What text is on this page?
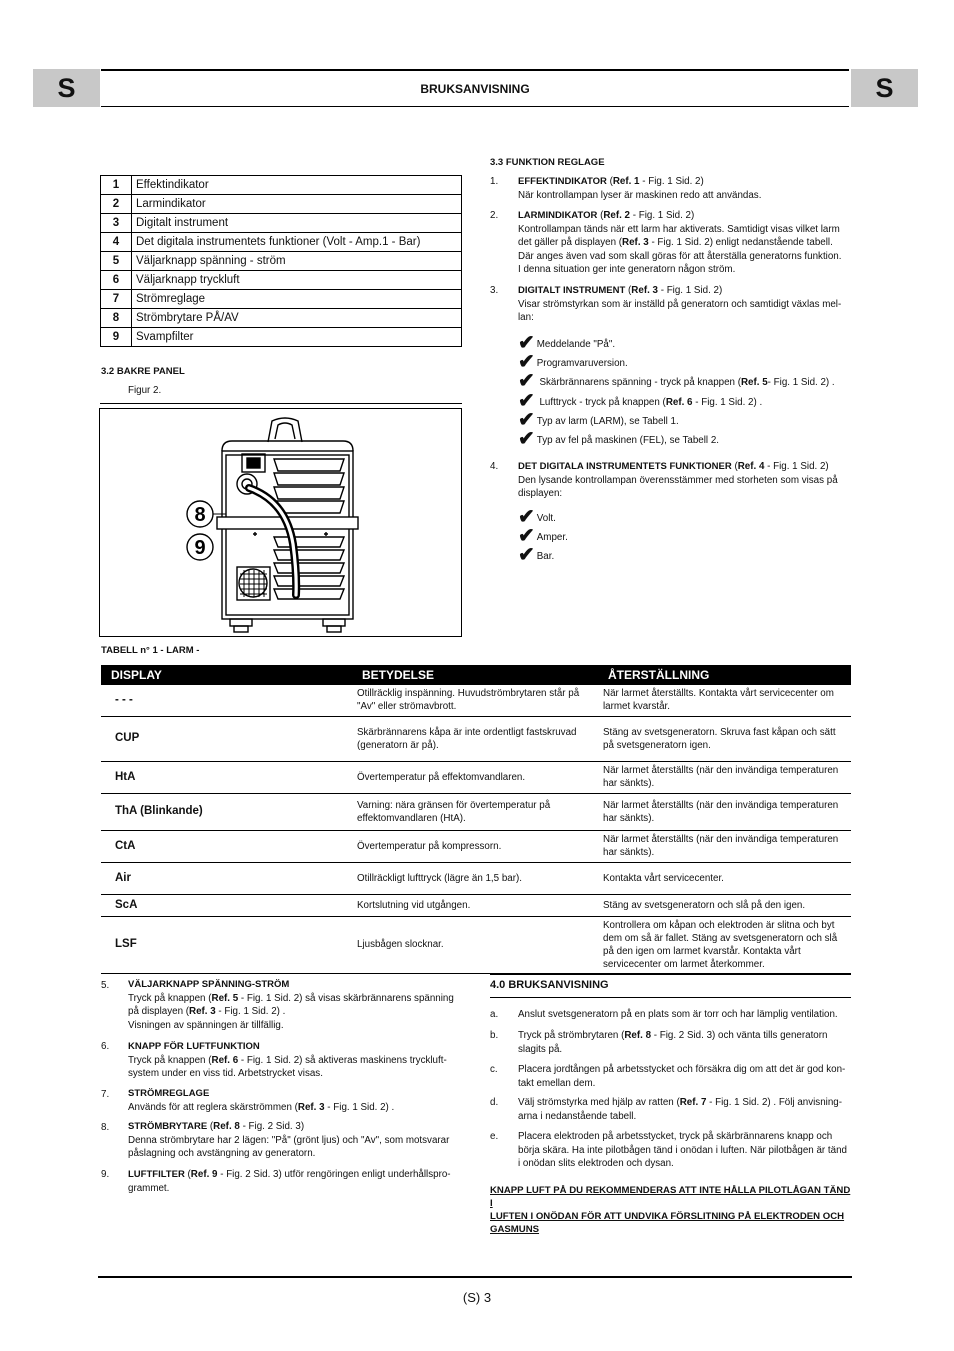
S	S
BRUKSANVISNING
1	Effektindikator
2	Larmindikator
3	Digitalt instrument
4	Det digitala instrumentets funktioner (Volt - Amp.1 - Bar)
5	Väljarknapp spänning - ström
6	Väljarknapp tryckluft
7	Strömreglage
8	Strömbrytare PÅ/AV
9	Svampfilter
3.2 BAKRE PANEL
Figur 2.
8
9
TABELL n° 1 - LARM -
3.3 FUNKTION REGLAGE
1. EFFEKTINDIKATOR (Ref. 1 - Fig. 1 Sid. 2)
När kontrollampan lyser är maskinen redo att användas.
2. LARMINDIKATOR (Ref. 2 - Fig. 1 Sid. 2)
Kontrollampan tänds när ett larm har aktiverats. Samtidigt visas vilket larm
det gäller på displayen (Ref. 3 - Fig. 1 Sid. 2) enligt nedanstående tabell.
Där anges även vad som skall göras för att återställa generatorns funktion.
I denna situation ger inte generatorn någon ström.
3. DIGITALT INSTRUMENT (Ref. 3 - Fig. 1 Sid. 2)
Visar strömstyrkan som är inställd på generatorn och samtidigt växlas mel-
lan:
✔ Meddelande "På".
✔ Programvaruversion.
✔ Skärbrännarens spänning - tryck på knappen (Ref. 5- Fig. 1 Sid. 2) .
✔ Lufttryck - tryck på knappen (Ref. 6 - Fig. 1 Sid. 2) .
✔ Typ av larm (LARM), se Tabell 1.
✔ Typ av fel på maskinen (FEL), se Tabell 2.
4. DET DIGITALA INSTRUMENTETS FUNKTIONER (Ref. 4 - Fig. 1 Sid. 2)
Den lysande kontrollampan överensstämmer med storheten som visas på
displayen:
✔ Volt.
✔ Amper.
✔ Bar.
DISPLAY	BETYDELSE	ÅTERSTÄLLNING
- - -	Otillräcklig inspänning. Huvudströmbrytaren står på "Av" eller strömavbrott.	När larmet återställts. Kontakta vårt servicecenter om larmet kvarstår.
CUP	Skärbrännarens kåpa är inte ordentligt fastskruvad (generatorn är på).	Stäng av svetsgeneratorn. Skruva fast kåpan och sätt på svetsgeneratorn igen.
HtA	Övertemperatur på effektomvandlaren.	När larmet återställts (när den invändiga temperaturen har sänkts).
ThA (Blinkande)	Varning: nära gränsen för övertemperatur på effektomvandlaren (HtA).	När larmet återställts (när den invändiga temperaturen har sänkts).
CtA	Övertemperatur på kompressorn.	När larmet återställts (när den invändiga temperaturen har sänkts).
Air	Otillräckligt lufttryck (lägre än 1,5 bar).	Kontakta vårt servicecenter.
ScA	Kortslutning vid utgången.	Stäng av svetsgeneratorn och slå på den igen.
LSF	Ljusbågen slocknar.	Kontrollera om kåpan och elektroden är slitna och byt dem om så är fallet. Stäng av svetsgeneratorn och slå på den igen om larmet kvarstår. Kontakta vårt servicecenter om larmet återkommer.
5. VÄLJARKNAPP SPÄNNING-STRÖM
Tryck på knappen (Ref. 5 - Fig. 1 Sid. 2) så visas skärbrännarens spänning
på displayen (Ref. 3 - Fig. 1 Sid. 2) .
Visningen av spänningen är tillfällig.
6. KNAPP FÖR LUFTFUNKTION
Tryck på knappen (Ref. 6 - Fig. 1 Sid. 2) så aktiveras maskinens tryckluft-
system under en viss tid. Arbetstrycket visas.
7. STRÖMREGLAGE
Används för att reglera skärströmmen (Ref. 3 - Fig. 1 Sid. 2) .
8. STRÖMBRYTARE (Ref. 8 - Fig. 2 Sid. 3)
Denna strömbrytare har 2 lägen: "På" (grönt ljus) och "Av", som motsvarar
påslagning och avstängning av generatorn.
9. LUFTFILTER (Ref. 9 - Fig. 2 Sid. 3) utför rengöringen enligt underhållspro-
grammet.
4.0 BRUKSANVISNING
a. Anslut svetsgeneratorn på en plats som är torr och har lämplig ventilation.
b. Tryck på strömbrytaren (Ref. 8 - Fig. 2 Sid. 3) och vänta tills generatorn
slagits på.
c. Placera jordtången på arbetsstycket och försäkra dig om att det är god kon-
takt emellan dem.
d. Välj strömstyrka med hjälp av ratten (Ref. 7 - Fig. 1 Sid. 2) . Följ anvisning-
arna i nedanstående tabell.
e. Placera elektroden på arbetsstycket, tryck på skärbrännarens knapp och
börja skära. Ha inte pilotbågen tänd i onödan i luften. När pilotbågen är tänd
i onödan slits elektroden och dysan.
KNAPP LUFT PÅ DU REKOMMENDERAS ATT INTE HÅLLA PILOTLÅGAN TÄND I
LUFTEN I ONÖDAN FÖR ATT UNDVIKA FÖRSLITNING PÅ ELEKTRODEN OCH
GASMUNS
(S) 3
